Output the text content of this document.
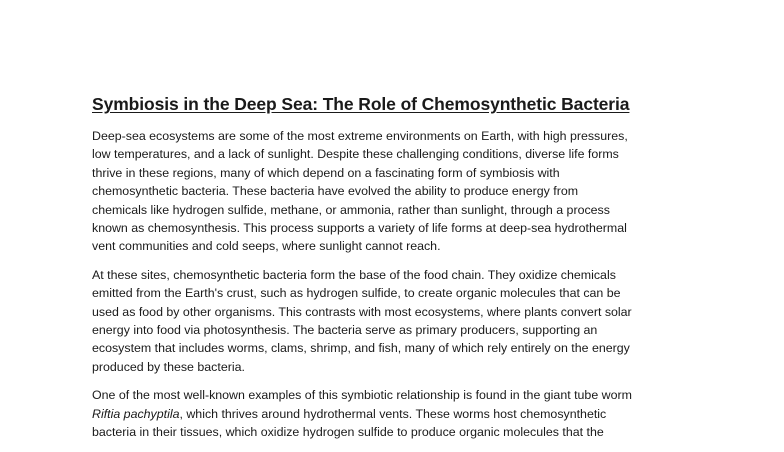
Symbiosis in the Deep Sea: The Role of Chemosynthetic Bacteria

Deep-sea ecosystems are some of the most extreme environments on Earth, with high pressures,
low temperatures, and a lack of sunlight. Despite these challenging conditions, diverse life forms
thrive in these regions, many of which depend on a fascinating form of symbiosis with
chemosynthetic bacteria. These bacteria have evolved the ability to produce energy from
chemicals like hydrogen sulfide, methane, or ammonia, rather than sunlight, through a process
known as chemosynthesis. This process supports a variety of life forms at deep-sea hydrothermal
vent communities and cold seeps, where sunlight cannot reach.

At these sites, chemosynthetic bacteria form the base of the food chain. They oxidize chemicals
emitted from the Earth's crust, such as hydrogen sulfide, to create organic molecules that can be
used as food by other organisms. This contrasts with most ecosystems, where plants convert solar
energy into food via photosynthesis. The bacteria serve as primary producers, supporting an
ecosystem that includes worms, clams, shrimp, and fish, many of which rely entirely on the energy
produced by these bacteria.

One of the most well-known examples of this symbiotic relationship is found in the giant tube worm
Riftia pachyptila, which thrives around hydrothermal vents. These worms host chemosynthetic
bacteria in their tissues, which oxidize hydrogen sulfide to produce organic molecules that the
